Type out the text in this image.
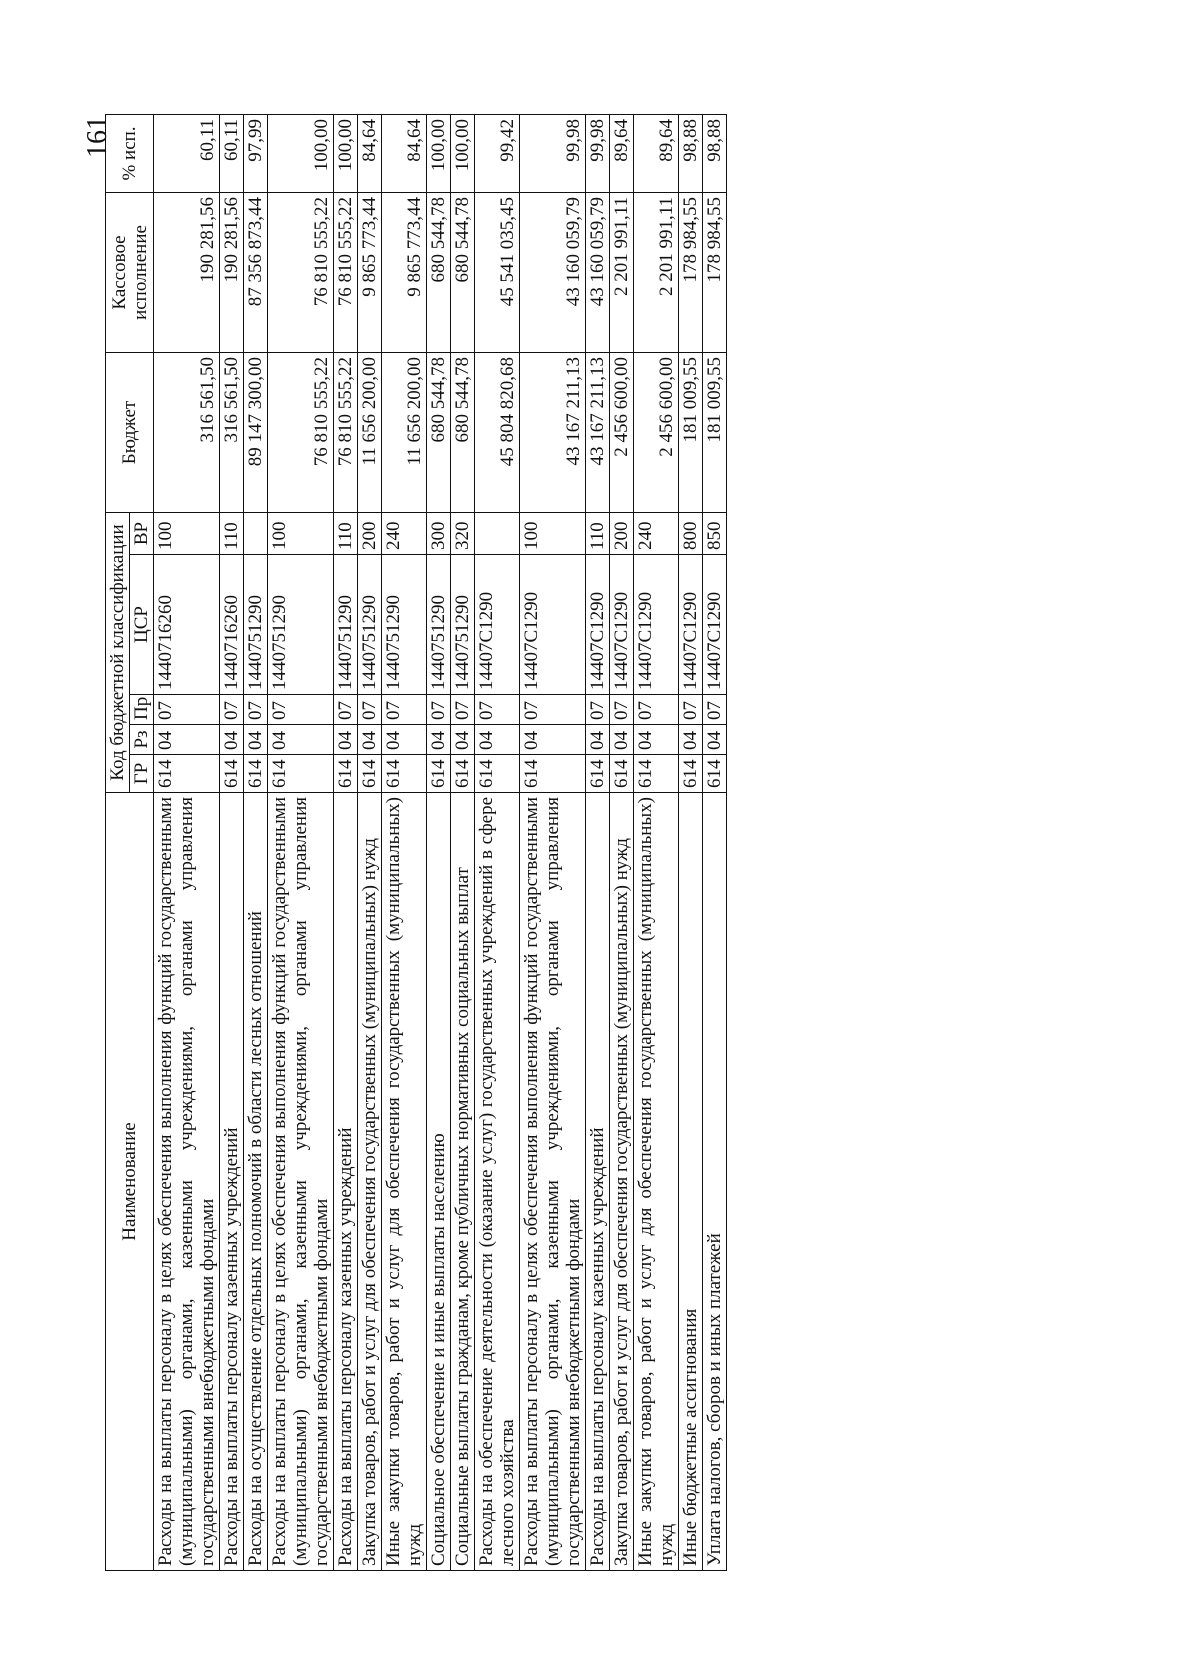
161
Наименование	Код бюджетной классификации					Бюджет	Кассовое исполнение	% исп.
	ГР	Рз	Пр	ЦСР	ВР			
Расходы на выплаты персоналу в целях обеспечения выполнения функций государственными (муниципальными) органами, казенными учреждениями, органами управления государственными внебюджетными фондами	614	04	07	1440716260	100	316 561,50	190 281,56	60,11
Расходы на выплаты персоналу казенных учреждений	614	04	07	1440716260	110	316 561,50	190 281,56	60,11
Расходы на осуществление отдельных полномочий в области лесных отношений	614	04	07	1440751290		89 147 300,00	87 356 873,44	97,99
Расходы на выплаты персоналу в целях обеспечения выполнения функций государственными (муниципальными) органами, казенными учреждениями, органами управления государственными внебюджетными фондами	614	04	07	1440751290	100	76 810 555,22	76 810 555,22	100,00
Расходы на выплаты персоналу казенных учреждений	614	04	07	1440751290	110	76 810 555,22	76 810 555,22	100,00
Закупка товаров, работ и услуг для обеспечения государственных (муниципальных) нужд	614	04	07	1440751290	200	11 656 200,00	9 865 773,44	84,64
Иные закупки товаров, работ и услуг для обеспечения государственных (муниципальных) нужд	614	04	07	1440751290	240	11 656 200,00	9 865 773,44	84,64
Социальное обеспечение и иные выплаты населению	614	04	07	1440751290	300	680 544,78	680 544,78	100,00
Социальные выплаты гражданам, кроме публичных нормативных социальных выплат	614	04	07	1440751290	320	680 544,78	680 544,78	100,00
Расходы на обеспечение деятельности (оказание услуг) государственных учреждений в сфере лесного хозяйства	614	04	07	14407С1290		45 804 820,68	45 541 035,45	99,42
Расходы на выплаты персоналу в целях обеспечения выполнения функций государственными (муниципальными) органами, казенными учреждениями, органами управления государственными внебюджетными фондами	614	04	07	14407С1290	100	43 167 211,13	43 160 059,79	99,98
Расходы на выплаты персоналу казенных учреждений	614	04	07	14407С1290	110	43 167 211,13	43 160 059,79	99,98
Закупка товаров, работ и услуг для обеспечения государственных (муниципальных) нужд	614	04	07	14407С1290	200	2 456 600,00	2 201 991,11	89,64
Иные закупки товаров, работ и услуг для обеспечения государственных (муниципальных) нужд	614	04	07	14407С1290	240	2 456 600,00	2 201 991,11	89,64
Иные бюджетные ассигнования	614	04	07	14407С1290	800	181 009,55	178 984,55	98,88
Уплата налогов, сборов и иных платежей	614	04	07	14407С1290	850	181 009,55	178 984,55	98,88
